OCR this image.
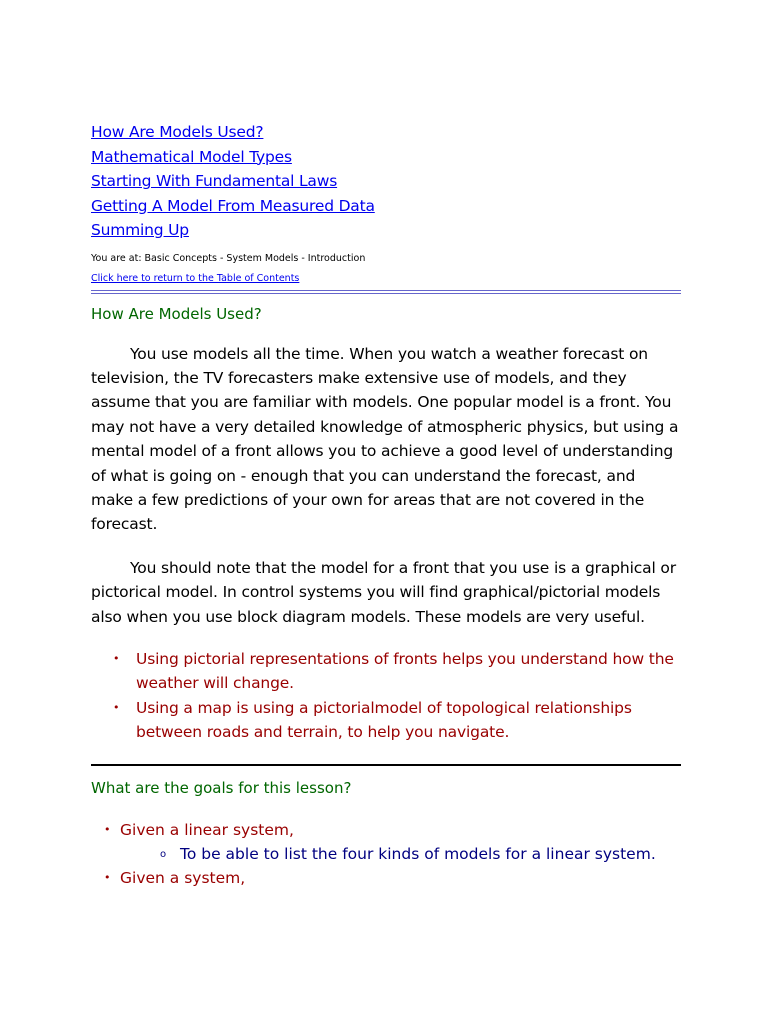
How Are Models Used?
Mathematical Model Types
Starting With Fundamental Laws
Getting A Model From Measured Data
Summing Up
You are at: Basic Concepts - System Models - Introduction
Click here to return to the Table of Contents
How Are Models Used?

You use models all the time. When you watch a weather forecast on television, the TV forecasters make extensive use of models, and they assume that you are familiar with models. One popular model is a front. You may not have a very detailed knowledge of atmospheric physics, but using a mental model of a front allows you to achieve a good level of understanding of what is going on - enough that you can understand the forecast, and make a few predictions of your own for areas that are not covered in the forecast.

You should note that the model for a front that you use is a graphical or pictorical model. In control systems you will find graphical/pictorial models also when you use block diagram models. These models are very useful.

• Using pictorial representations of fronts helps you understand how the weather will change.
• Using a map is using a pictorialmodel of topological relationships between roads and terrain, to help you navigate.
What are the goals for this lesson?
• Given a linear system,
o To be able to list the four kinds of models for a linear system.
• Given a system,
